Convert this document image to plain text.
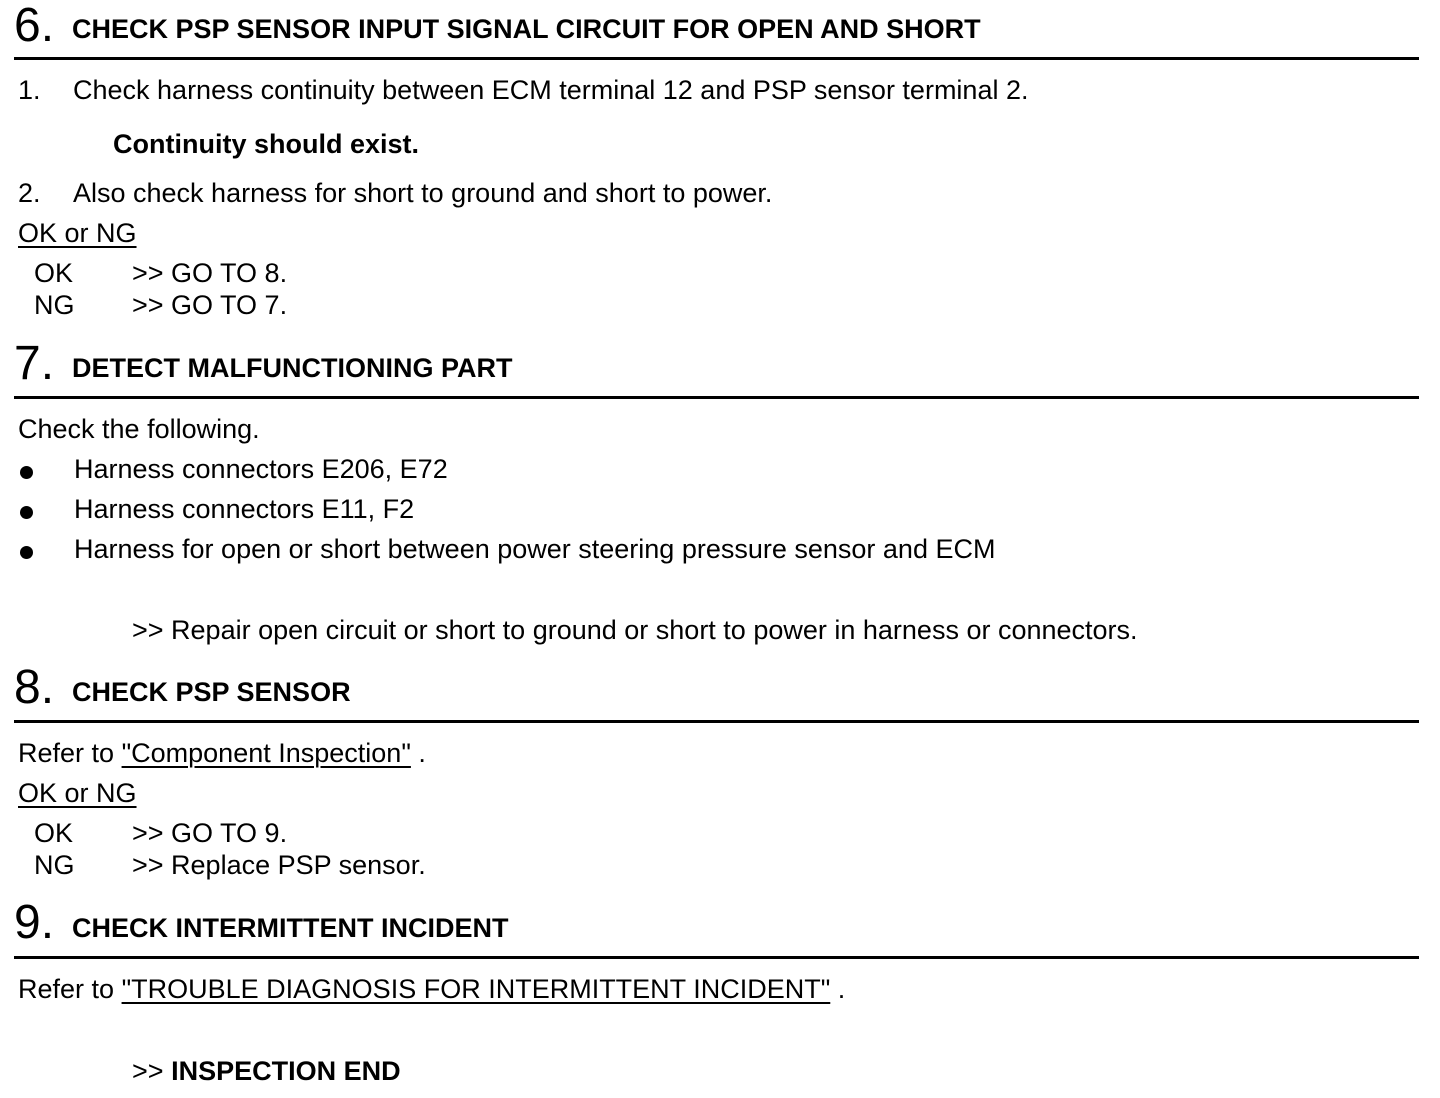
6. CHECK PSP SENSOR INPUT SIGNAL CIRCUIT FOR OPEN AND SHORT
1. Check harness continuity between ECM terminal 12 and PSP sensor terminal 2.
Continuity should exist.
2. Also check harness for short to ground and short to power.
OK or NG
OK >> GO TO 8.
NG >> GO TO 7.
7. DETECT MALFUNCTIONING PART
Check the following.
Harness connectors E206, E72
Harness connectors E11, F2
Harness for open or short between power steering pressure sensor and ECM
>> Repair open circuit or short to ground or short to power in harness or connectors.
8. CHECK PSP SENSOR
Refer to "Component Inspection" .
OK or NG
OK >> GO TO 9.
NG >> Replace PSP sensor.
9. CHECK INTERMITTENT INCIDENT
Refer to "TROUBLE DIAGNOSIS FOR INTERMITTENT INCIDENT" .
>> INSPECTION END
